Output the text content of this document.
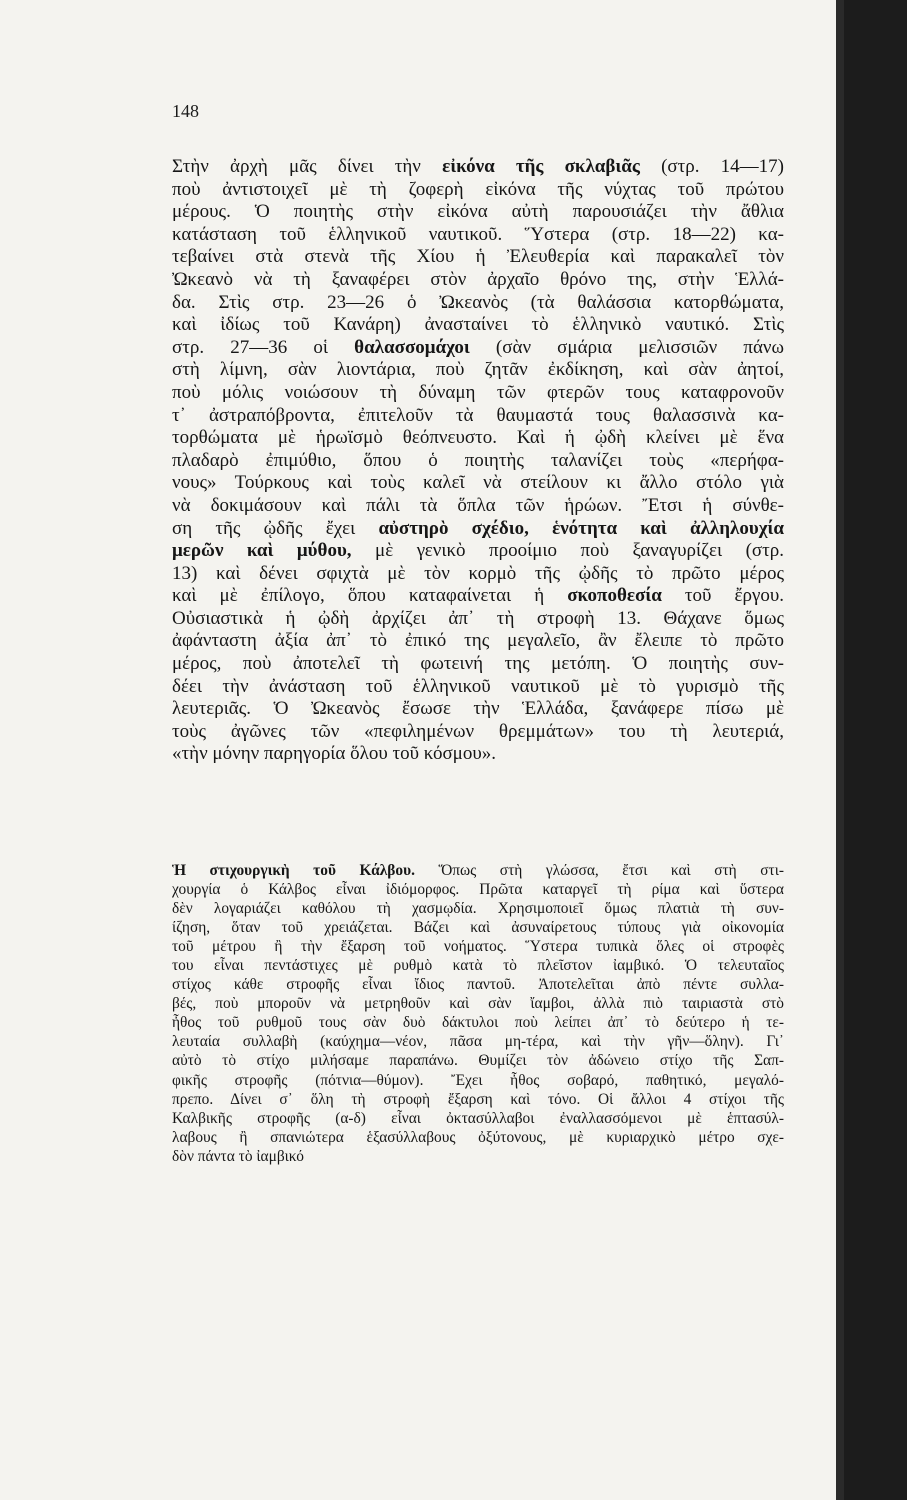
148
Στὴν ἀρχὴ μᾶς δίνει τὴν εἰκόνα τῆς σκλαβιᾶς (στρ. 14—17)
ποὺ ἀντιστοιχεῖ μὲ τὴ ζοφερὴ εἰκόνα τῆς νύχτας τοῦ πρώτου
μέρους. Ὁ ποιητὴς στὴν εἰκόνα αὐτὴ παρουσιάζει τὴν ἄθλια
κατάσταση τοῦ ἑλληνικοῦ ναυτικοῦ. Ὕστερα (στρ. 18—22) κα-
τεβαίνει στὰ στενὰ τῆς Χίου ἡ Ἐλευθερία καὶ παρακαλεῖ τὸν
Ὠκεανὸ νὰ τὴ ξαναφέρει στὸν ἀρχαῖο θρόνο της, στὴν Ἑλλά-
δα. Στὶς στρ. 23—26 ὁ Ὠκεανὸς (τὰ θαλάσσια κατορθώματα,
καὶ ἰδίως τοῦ Κανάρη) ἀνασταίνει τὸ ἑλληνικὸ ναυτικό. Στὶς
στρ. 27—36 οἱ θαλασσομάχοι (σὰν σμάρια μελισσιῶν πάνω
στὴ λίμνη, σὰν λιοντάρια, ποὺ ζητᾶν ἐκδίκηση, καὶ σὰν ἀητοί,
ποὺ μόλις νοιώσουν τὴ δύναμη τῶν φτερῶν τους καταφρονοῦν
τ᾽ ἀστραπόβροντα, ἐπιτελοῦν τὰ θαυμαστά τους θαλασσινὰ κα-
τορθώματα μὲ ἡρωϊσμὸ θεόπνευστο. Καὶ ἡ ᾠδὴ κλείνει μὲ ἕνα
πλαδαρὸ ἐπιμύθιο, ὅπου ὁ ποιητὴς ταλανίζει τοὺς «περήφα-
νους» Τούρκους καὶ τοὺς καλεῖ νὰ στείλουν κι ἄλλο στόλο γιὰ
νὰ δοκιμάσουν καὶ πάλι τὰ ὅπλα τῶν ἡρώων. Ἔτσι ἡ σύνθε-
ση τῆς ᾠδῆς ἔχει αὐστηρὸ σχέδιο, ἑνότητα καὶ ἀλληλουχία
μερῶν καὶ μύθου, μὲ γενικὸ προοίμιο ποὺ ξαναγυρίζει (στρ.
13) καὶ δένει σφιχτὰ μὲ τὸν κορμὸ τῆς ᾠδῆς τὸ πρῶτο μέρος
καὶ μὲ ἐπίλογο, ὅπου καταφαίνεται ἡ σκοποθεσία τοῦ ἔργου.
Οὐσιαστικὰ ἡ ᾠδὴ ἀρχίζει ἀπ᾽ τὴ στροφὴ 13. Θάχανε ὅμως
ἀφάνταστη ἀξία ἀπ᾽ τὸ ἐπικό της μεγαλεῖο, ἂν ἔλειπε τὸ πρῶτο
μέρος, ποὺ ἀποτελεῖ τὴ φωτεινή της μετόπη. Ὁ ποιητὴς συν-
δέει τὴν ἀνάσταση τοῦ ἑλληνικοῦ ναυτικοῦ μὲ τὸ γυρισμὸ τῆς
λευτεριᾶς. Ὁ Ὠκεανὸς ἔσωσε τὴν Ἑλλάδα, ξανάφερε πίσω μὲ
τοὺς ἀγῶνες τῶν «πεφιλημένων θρεμμάτων» του τὴ λευτεριά,
«τὴν μόνην παρηγορία ὅλου τοῦ κόσμου».
Ἡ στιχουργικὴ τοῦ Κάλβου. Ὅπως στὴ γλώσσα, ἔτσι καὶ στὴ στι-
χουργία ὁ Κάλβος εἶναι ἰδιόμορφος. Πρῶτα καταργεῖ τὴ ρίμα καὶ ὕστερα
δὲν λογαριάζει καθόλου τὴ χασμῳδία. Χρησιμοποιεῖ ὅμως πλατιὰ τὴ συν-
ίζηση, ὅταν τοῦ χρειάζεται. Βάζει καὶ ἀσυναίρετους τύπους γιὰ οἰκονομία
τοῦ μέτρου ἢ τὴν ἔξαρση τοῦ νοήματος. Ὕστερα τυπικὰ ὅλες οἱ στροφὲς
του εἶναι πεντάστιχες μὲ ρυθμὸ κατὰ τὸ πλεῖστον ἰαμβικό. Ὁ τελευταῖος
στίχος κάθε στροφῆς εἶναι ἴδιος παντοῦ. Ἀποτελεῖται ἀπὸ πέντε συλλα-
βές, ποὺ μποροῦν νὰ μετρηθοῦν καὶ σὰν ἴαμβοι, ἀλλὰ πιὸ ταιριαστὰ στὸ
ἦθος τοῦ ρυθμοῦ τους σὰν δυὸ δάκτυλοι ποὺ λείπει ἀπ᾽ τὸ δεύτερο ἡ τε-
λευταία συλλαβὴ (καύχημα—νέον, πᾶσα μη-τέρα, καὶ τὴν γῆν—ὅλην). Γι᾽
αὐτὸ τὸ στίχο μιλήσαμε παραπάνω. Θυμίζει τὸν ἀδώνειο στίχο τῆς Σαπ-
φικῆς στροφῆς (πότνια—θύμον). Ἔχει ἦθος σοβαρό, παθητικό, μεγαλό-
πρεπο. Δίνει σ᾽ ὅλη τὴ στροφὴ ἔξαρση καὶ τόνο. Οἱ ἄλλοι 4 στίχοι τῆς
Καλβικῆς στροφῆς (α-δ) εἶναι ὀκτασύλλαβοι ἐναλλασσόμενοι μὲ ἑπτασύλ-
λαβους ἢ σπανιώτερα ἑξασύλλαβους ὀξύτονους, μὲ κυριαρχικὸ μέτρο σχε-
δὸν πάντα τὸ ἰαμβικό
